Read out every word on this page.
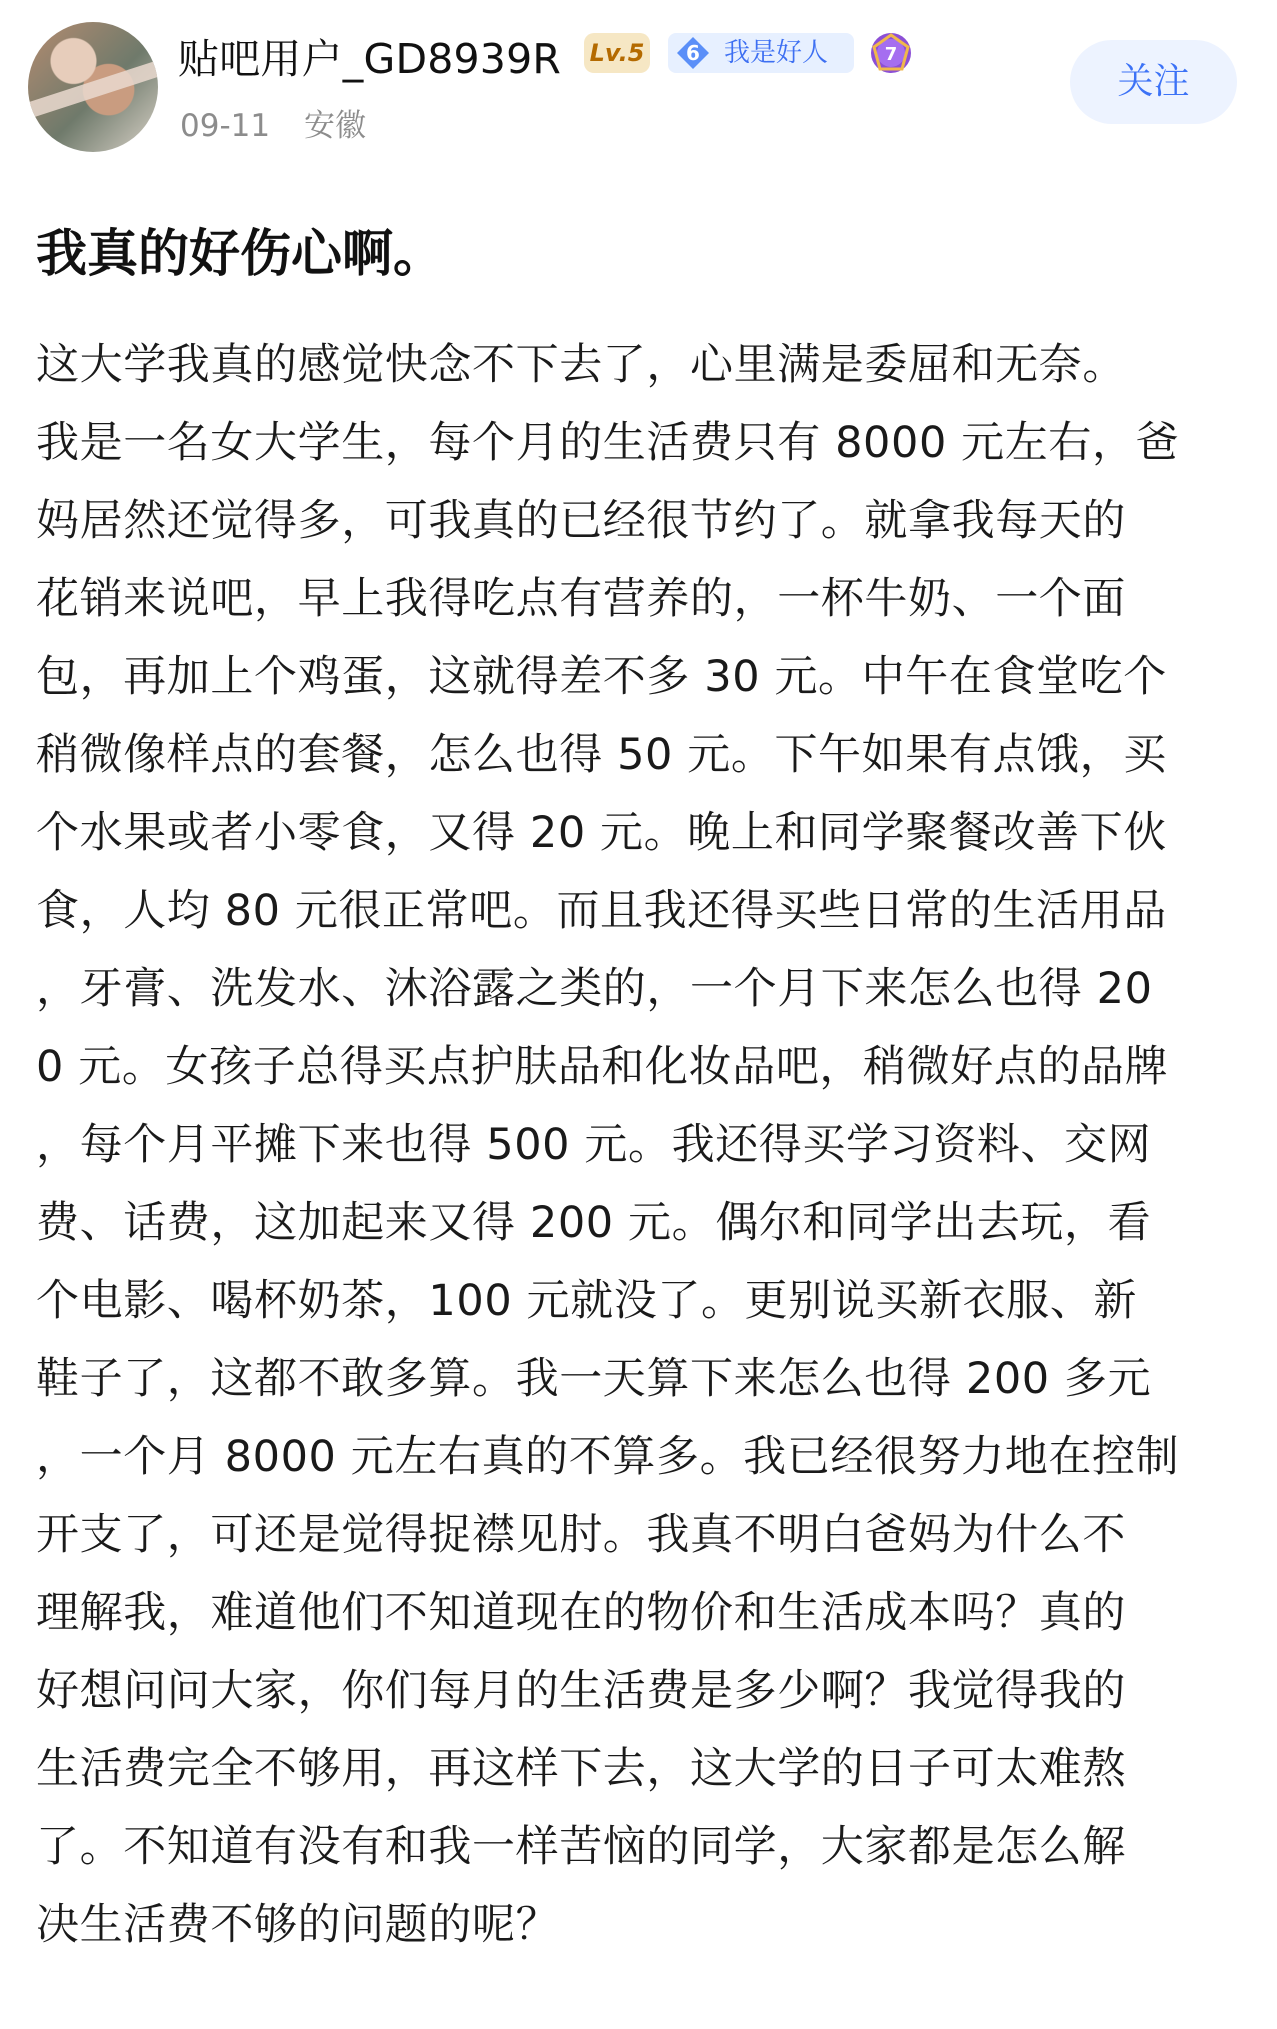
贴吧用户_GD8939R Lv.5	6 我是好人	7
09-11 安徽
关注
我真的好伤心啊。
这大学我真的感觉快念不下去了，心里满是委屈和无奈。
我是一名女大学生，每个月的生活费只有 8000 元左右，爸
妈居然还觉得多，可我真的已经很节约了。就拿我每天的
花销来说吧，早上我得吃点有营养的，一杯牛奶、一个面
包，再加上个鸡蛋，这就得差不多 30 元。中午在食堂吃个
稍微像样点的套餐，怎么也得 50 元。下午如果有点饿，买
个水果或者小零食，又得 20 元。晚上和同学聚餐改善下伙
食，人均 80 元很正常吧。而且我还得买些日常的生活用品
，牙膏、洗发水、沐浴露之类的，一个月下来怎么也得 20
0 元。女孩子总得买点护肤品和化妆品吧，稍微好点的品牌
，每个月平摊下来也得 500 元。我还得买学习资料、交网
费、话费，这加起来又得 200 元。偶尔和同学出去玩，看
个电影、喝杯奶茶，100 元就没了。更别说买新衣服、新
鞋子了，这都不敢多算。我一天算下来怎么也得 200 多元
，一个月 8000 元左右真的不算多。我已经很努力地在控制
开支了，可还是觉得捉襟见肘。我真不明白爸妈为什么不
理解我，难道他们不知道现在的物价和生活成本吗？真的
好想问问大家，你们每月的生活费是多少啊？我觉得我的
生活费完全不够用，再这样下去，这大学的日子可太难熬
了。不知道有没有和我一样苦恼的同学，大家都是怎么解
决生活费不够的问题的呢？
